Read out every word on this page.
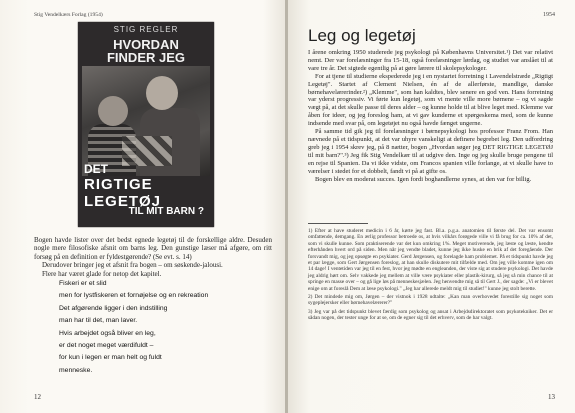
Stig Vendelkærs Forlag (1954)	1954
STIG REGLER
HVORDAN
FINDER JEG
DET
RIGTIGE LEGETØJ
TIL MIT BARN ?

Bogen havde lister over det bedst egnede legetøj til de forskellige aldre. Desuden nogle mere filosofiske afsnit om barns leg. Den gunstige læser må afgøre, om ritt forsøg på en definition er fyldestgørende? (Se evt. s. 14)

Derudover bringer jeg et afsnit fra bogen – om søskende-jalousi.

Flere har været glade for netop det kapitel.

Fiskeri er et slid
men for lystfiskeren et fornøjelse og en rekreation
Det afgørende ligger i den indstilling
man har til det, man laver.
Hvis arbejdet også bliver en leg,
er det noget meget værdifuldt –
for kun i legen er man helt og fuldt
menneske.
12
Leg og legetøj

I årene omkring 1950 studerede jeg psykologi på Københavns Universitet.¹) Det var relativt nemt. Der var forelæsninger fra 15-18, også forelæsninger lørdag, og studiet var anslået til at vare tre år. Det sigtede egentlig på at gøre lærere til skolepsykologer.

For at tjene til studierne ekspederede jeg i en nystartet forretning i Lavendelstræde „Rigtigt Legetøj". Startet af Clement Nielsen, én af de allerførste, mandlige, danske børnehavelærerinder.²) „Klemme", som han kaldtes, blev senere en god ven. Hans forretning var yderst progressiv. Vi førte kun legetøj, som vi mente ville more børnene – og vi sagde vægt på, at det skulle passe til deres alder – og kunne holde til at blive leget med. Klemme var åben for ideer, og jeg foreslog ham, at vi gav kunderne et spørgeskema med, som de kunne indsende med svar på, om legetøjet nu også havde fænget ungerne.

På samme tid gik jeg til forelæsninger i børnepsykologi hos professor Franz From. Han nævnede på et tidspunkt, at det var uhyre vanskeligt at definere begrebet leg. Den udfordring greb jeg i 1954 skrev jeg, på 8 nætter, bogen „Hvordan søger jeg DET RIGTIGE LEGETØJ til mit barn?".³) Jeg fik Stig Vendelkær til at udgive den. Inge og jeg skulle bruge pengene til en rejse til Spanien. Da vi ikke vidste, om Francos spanien ville forlange, at vi skulle have to værelser i stedet for et dobbelt, fandt vi på at gifte os.

Bogen blev en moderat succes. Igen fordi boghandlerne synes, at den var for billig.

1) Efter at have studeret medicin i 6 år, kørte jeg fast. Bl.a. p.g.a. anatomien til første del. Det var ensomt omfattende, demgang. En ærlig professor betroede os, at hvis vilkårs forøgede ville vi få brug for ca. 10% af det, som vi skulle kunne. Som praktiserende var det kun omkring 1%. Meget motiverende, jeg læste og læste, kendte efterhånden hvert ord på siden. Men når jeg vendte bladet, kunne jeg ikke huske en brik af det foregående. Der forsvandt mig, og jeg opsøgte en psykiater. Gerd Jørgensen, og forelagde ham problemet. På et tidspunkt havde jeg et par lægge, som Gert Jørgensen foreslog, at han skulle diskutere mit tilfælde med. Om jeg ville komme igen om 14 dage! I ventetiden var jeg til en fest, hvor jeg mødte en engleanden, der viste sig at studere psykologi. Det havde jeg aldrig hørt om. Selv vakkede jeg mellem at ville være psykiater eller plastik-kirurg, så jeg så min chance til at springe en masse over – og gå lige løs på menneskesjælen. Jeg henvendte mig så til Gert J., der sagde: „Vi er blevet enige om at foreslå Dem at læse psykologi." „Jeg har allerede meldt mig til studiet!" kunne jeg stolt berette.

2) Det mindede mig om, Jørgen – der vistnok i 1928 udtalte: „Kan man overhovedet forestille sig noget som sygeplejersker eller børnehavelærerer?"

3) Jeg var på det tidspunkt blevet færdig som psykolog og ansat i Arbejdsdirektoratet som psykotekniker. Det er sådan nogen, der tester unge for at se, om de egner sig til det erhverv, som de har valgt.

13
